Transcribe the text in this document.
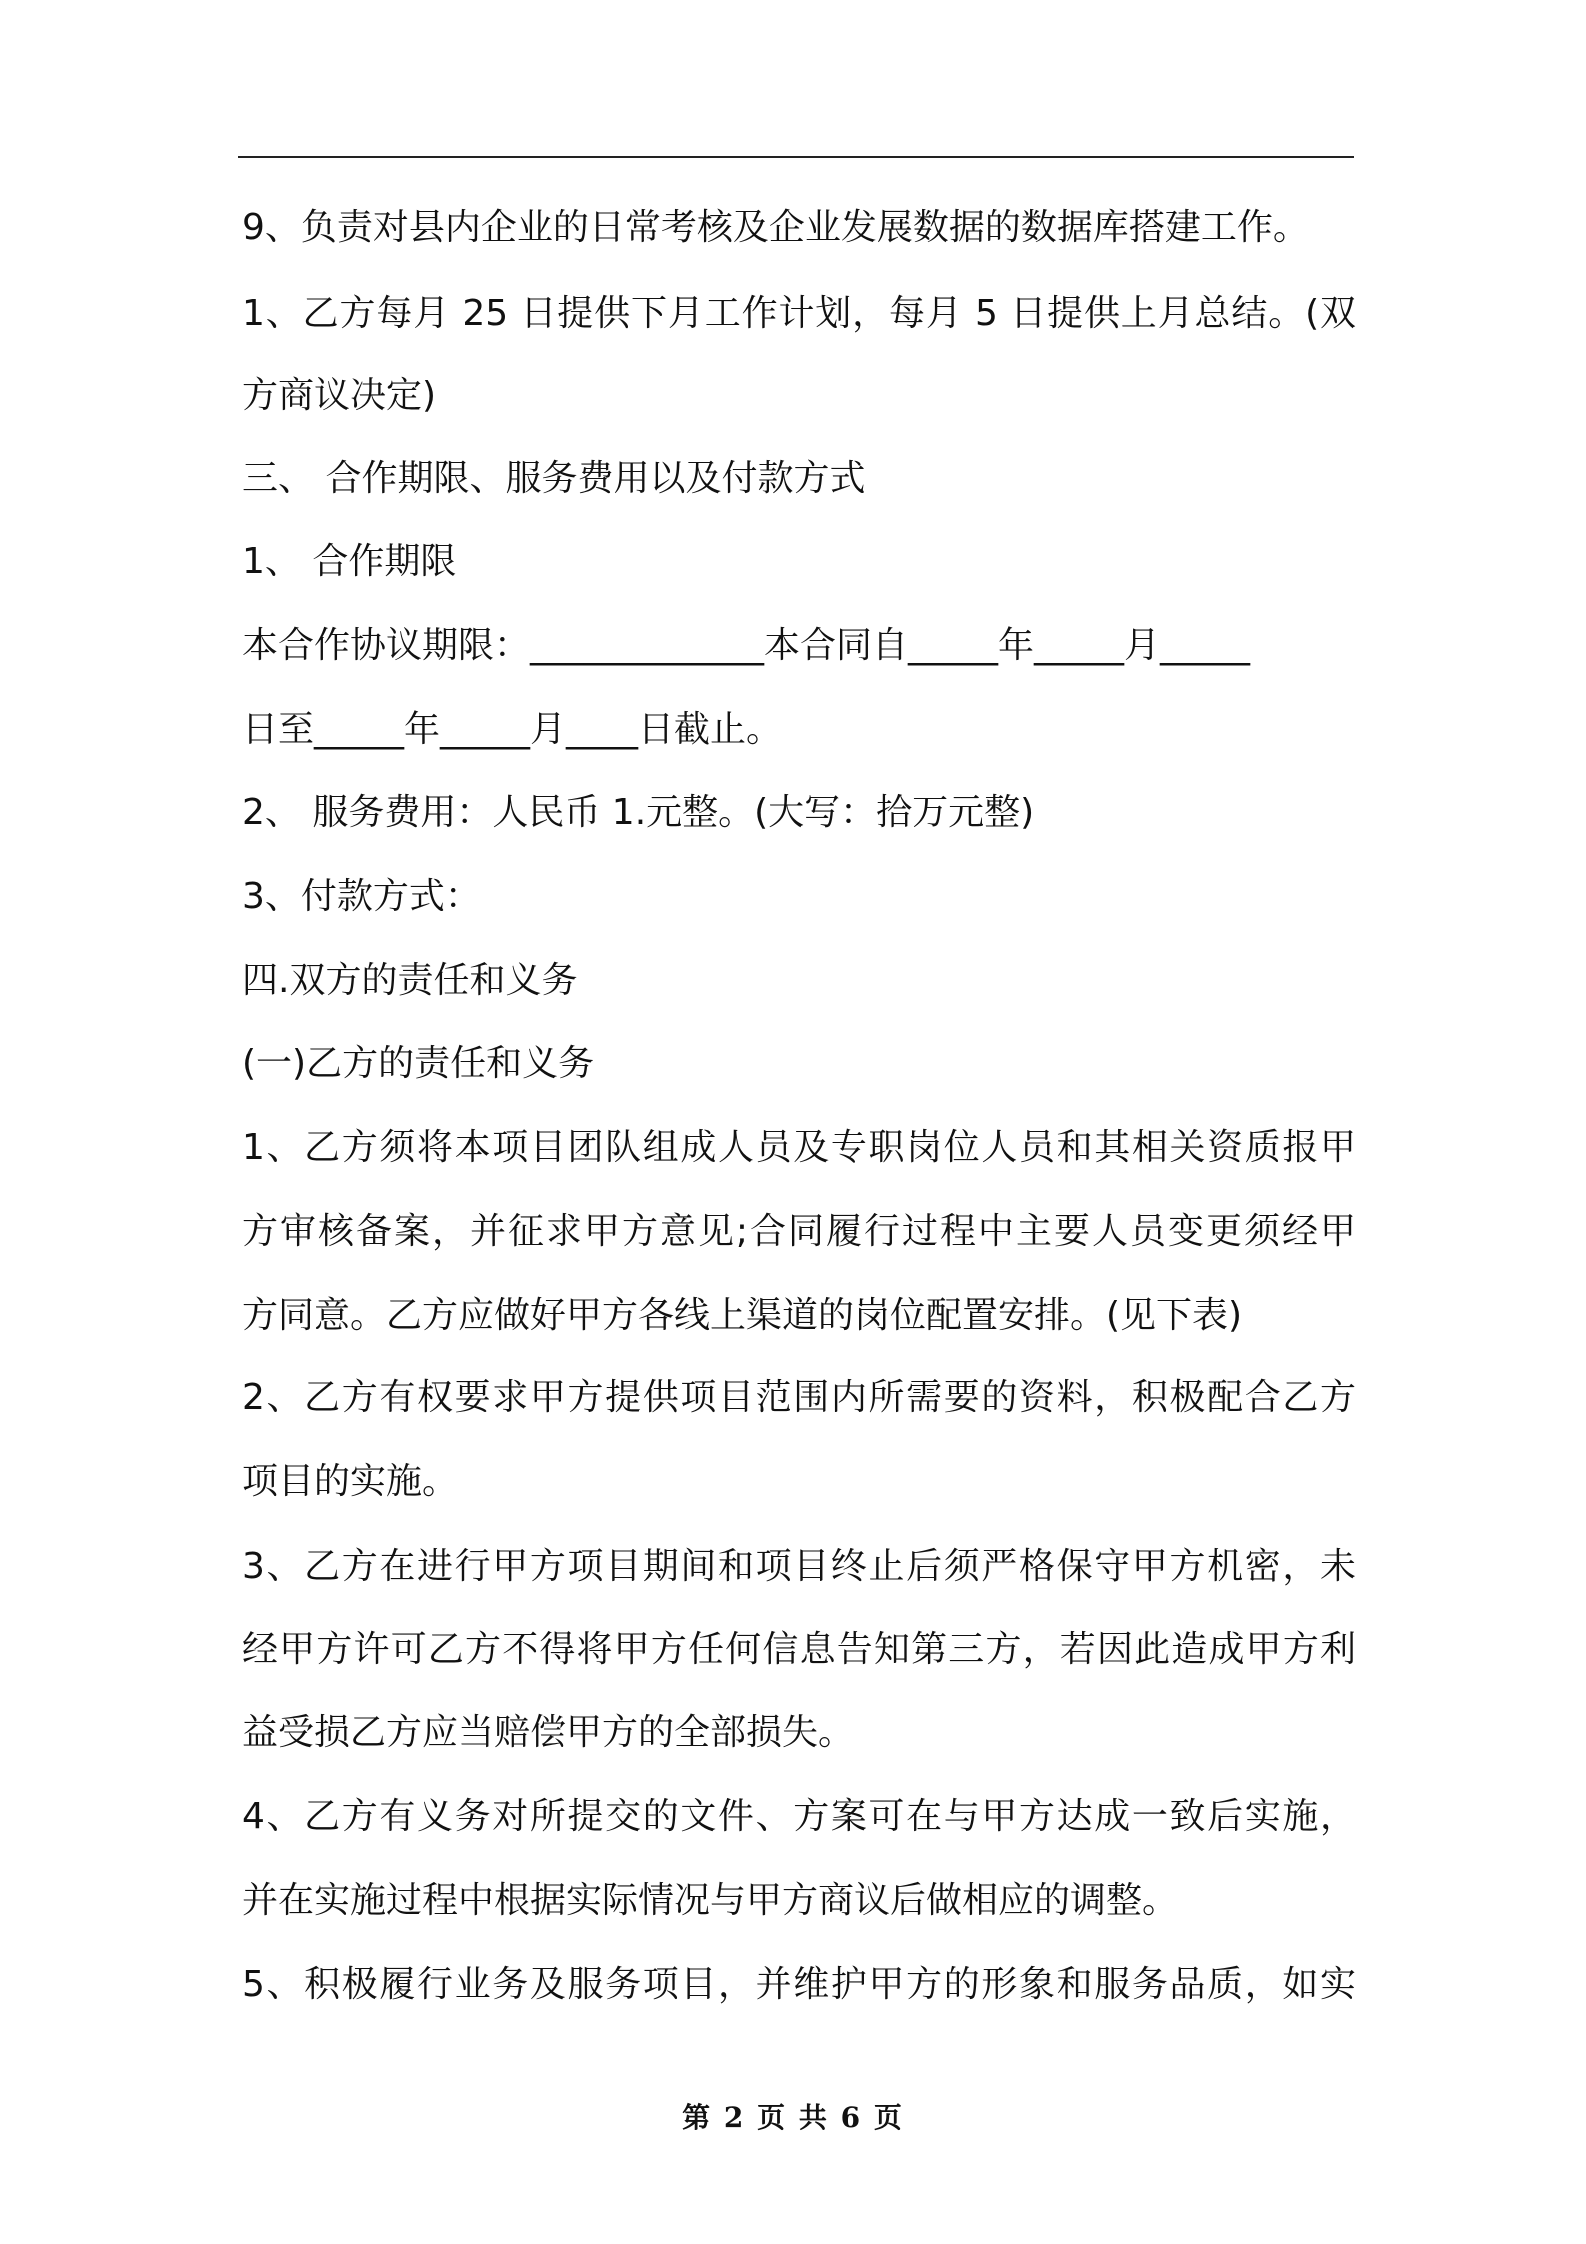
9、负责对县内企业的日常考核及企业发展数据的数据库搭建工作。
1、乙方每月 25 日提供下月工作计划，每月 5 日提供上月总结。(双
方商议决定)
三、 合作期限、服务费用以及付款方式
1、 合作期限
本合作协议期限：_____________本合同自_____年_____月_____
日至_____年_____月____日截止。
2、 服务费用：人民币 1.元整。(大写：拾万元整)
3、付款方式：
四.双方的责任和义务
(一)乙方的责任和义务
1、乙方须将本项目团队组成人员及专职岗位人员和其相关资质报甲
方审核备案，并征求甲方意见;合同履行过程中主要人员变更须经甲
方同意。乙方应做好甲方各线上渠道的岗位配置安排。(见下表)
2、乙方有权要求甲方提供项目范围内所需要的资料，积极配合乙方
项目的实施。
3、乙方在进行甲方项目期间和项目终止后须严格保守甲方机密，未
经甲方许可乙方不得将甲方任何信息告知第三方，若因此造成甲方利
益受损乙方应当赔偿甲方的全部损失。
4、乙方有义务对所提交的文件、方案可在与甲方达成一致后实施，
并在实施过程中根据实际情况与甲方商议后做相应的调整。
5、积极履行业务及服务项目，并维护甲方的形象和服务品质，如实
第 2 页 共 6 页
